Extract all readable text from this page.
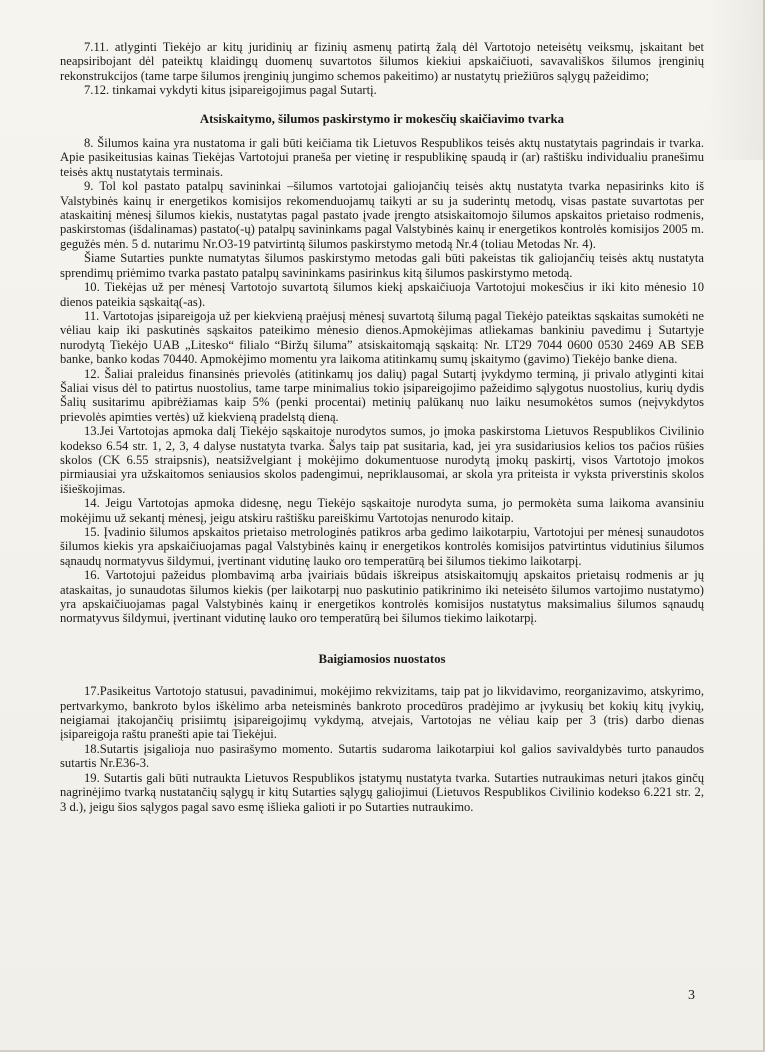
7.11. atlyginti Tiekėjo ar kitų juridinių ar fizinių asmenų patirtą žalą dėl Vartotojo neteisėtų veiksmų, įskaitant bet neapsiribojant dėl pateiktų klaidingų duomenų suvartotos šilumos kiekiui apskaičiuoti, savavališkos šilumos įrenginių rekonstrukcijos (tame tarpe šilumos įrenginių jungimo schemos pakeitimo) ar nustatytų priežiūros sąlygų pažeidimo;

7.12. tinkamai vykdyti kitus įsipareigojimus pagal Sutartį.

Atsiskaitymo, šilumos paskirstymo ir mokesčių skaičiavimo tvarka

8. Šilumos kaina yra nustatoma ir gali būti keičiama tik Lietuvos Respublikos teisės aktų nustatytais pagrindais ir tvarka. Apie pasikeitusias kainas Tiekėjas Vartotojui praneša per vietinę ir respublikinę spaudą ir (ar) raštišku individualiu pranešimu teisės aktų nustatytais terminais.

9. Tol kol pastato patalpų savininkai –šilumos vartotojai galiojančių teisės aktų nustatyta tvarka nepasirinks kito iš Valstybinės kainų ir energetikos komisijos rekomenduojamų taikyti ar su ja suderintų metodų, visas pastate suvartotas per ataskaitinį mėnesį šilumos kiekis, nustatytas pagal pastato įvade įrengto atsiskaitomojo šilumos apskaitos prietaiso rodmenis, paskirstomas (išdalinamas) pastato(-ų) patalpų savininkams pagal Valstybinės kainų ir energetikos kontrolės komisijos 2005 m. gegužės mėn. 5 d. nutarimu Nr.O3-19 patvirtintą šilumos paskirstymo metodą Nr.4 (toliau Metodas Nr. 4).

Šiame Sutarties punkte numatytas šilumos paskirstymo metodas gali būti pakeistas tik galiojančių teisės aktų nustatyta sprendimų priėmimo tvarka pastato patalpų savininkams pasirinkus kitą šilumos paskirstymo metodą.

10. Tiekėjas už per mėnesį Vartotojo suvartotą šilumos kiekį apskaičiuoja Vartotojui mokesčius ir iki kito mėnesio 10 dienos pateikia sąskaitą(-as).

11. Vartotojas įsipareigoja už per kiekvieną praėjusį mėnesį suvartotą šilumą pagal Tiekėjo pateiktas sąskaitas sumokėti ne vėliau kaip iki paskutinės sąskaitos pateikimo mėnesio dienos.Apmokėjimas atliekamas bankiniu pavedimu į Sutartyje nurodytą Tiekėjo UAB „Litesko“ filialo “Biržų šiluma” atsiskaitomąją sąskaitą: Nr. LT29 7044 0600 0530 2469 AB SEB banke, banko kodas 70440. Apmokėjimo momentu yra laikoma atitinkamų sumų įskaitymo (gavimo) Tiekėjo banke diena.

12. Šaliai praleidus finansinės prievolės (atitinkamų jos dalių) pagal Sutartį įvykdymo terminą, ji privalo atlyginti kitai Šaliai visus dėl to patirtus nuostolius, tame tarpe minimalius tokio įsipareigojimo pažeidimo sąlygotus nuostolius, kurių dydis Šalių susitarimu apibrėžiamas kaip 5% (penki procentai) metinių palūkanų nuo laiku nesumokėtos sumos (neįvykdytos prievolės apimties vertės) už kiekvieną pradelstą dieną.

13.Jei Vartotojas apmoka dalį Tiekėjo sąskaitoje nurodytos sumos, jo įmoka paskirstoma Lietuvos Respublikos Civilinio kodekso 6.54 str. 1, 2, 3, 4 dalyse nustatyta tvarka. Šalys taip pat susitaria, kad, jei yra susidariusios kelios tos pačios rūšies skolos (CK 6.55 straipsnis), neatsižvelgiant į mokėjimo dokumentuose nurodytą įmokų paskirtį, visos Vartotojo įmokos pirmiausiai yra užskaitomos seniausios skolos padengimui, nepriklausomai, ar skola yra priteista ir vyksta priverstinis skolos išieškojimas.

14. Jeigu Vartotojas apmoka didesnę, negu Tiekėjo sąskaitoje nurodyta suma, jo permokėta suma laikoma avansiniu mokėjimu už sekantį mėnesį, jeigu atskiru raštišku pareiškimu Vartotojas nenurodo kitaip.

15. Įvadinio šilumos apskaitos prietaiso metrologinės patikros arba gedimo laikotarpiu, Vartotojui per mėnesį sunaudotos šilumos kiekis yra apskaičiuojamas pagal Valstybinės kainų ir energetikos kontrolės komisijos patvirtintus vidutinius šilumos sąnaudų normatyvus šildymui, įvertinant vidutinę lauko oro temperatūrą bei šilumos tiekimo laikotarpį.

16. Vartotojui pažeidus plombavimą arba įvairiais būdais iškreipus atsiskaitomųjų apskaitos prietaisų rodmenis ar jų ataskaitas, jo sunaudotas šilumos kiekis (per laikotarpį nuo paskutinio patikrinimo iki neteisėto šilumos vartojimo nustatymo) yra apskaičiuojamas pagal Valstybinės kainų ir energetikos kontrolės komisijos nustatytus maksimalius šilumos sąnaudų normatyvus šildymui, įvertinant vidutinę lauko oro temperatūrą bei šilumos tiekimo laikotarpį.

Baigiamosios nuostatos

17.Pasikeitus Vartotojo statusui, pavadinimui, mokėjimo rekvizitams, taip pat jo likvidavimo, reorganizavimo, atskyrimo, pertvarkymo, bankroto bylos iškėlimo arba neteisminės bankroto procedūros pradėjimo ar įvykusių bet kokių kitų įvykių, neigiamai įtakojančių prisiimtų įsipareigojimų vykdymą, atvejais, Vartotojas ne vėliau kaip per 3 (tris) darbo dienas įsipareigoja raštu pranešti apie tai Tiekėjui.

18.Sutartis įsigalioja nuo pasirašymo momento. Sutartis sudaroma laikotarpiui kol galios savivaldybės turto panaudos sutartis Nr.E36-3.

19. Sutartis gali būti nutraukta Lietuvos Respublikos įstatymų nustatyta tvarka. Sutarties nutraukimas neturi įtakos ginčų nagrinėjimo tvarką nustatančių sąlygų ir kitų Sutarties sąlygų galiojimui (Lietuvos Respublikos Civilinio kodekso 6.221 str. 2, 3 d.), jeigu šios sąlygos pagal savo esmę išlieka galioti ir po Sutarties nutraukimo.

3
